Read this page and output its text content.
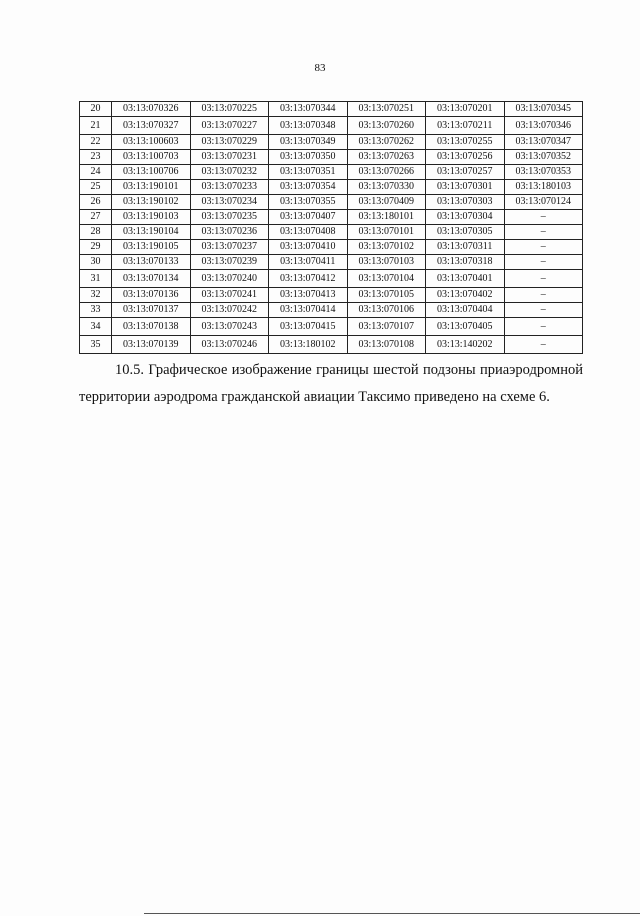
83
20	03:13:070326	03:13:070225	03:13:070344	03:13:070251	03:13:070201	03:13:070345
21	03:13:070327	03:13:070227	03:13:070348	03:13:070260	03:13:070211	03:13:070346
22	03:13:100603	03:13:070229	03:13:070349	03:13:070262	03:13:070255	03:13:070347
23	03:13:100703	03:13:070231	03:13:070350	03:13:070263	03:13:070256	03:13:070352
24	03:13:100706	03:13:070232	03:13:070351	03:13:070266	03:13:070257	03:13:070353
25	03:13:190101	03:13:070233	03:13:070354	03:13:070330	03:13:070301	03:13:180103
26	03:13:190102	03:13:070234	03:13:070355	03:13:070409	03:13:070303	03:13:070124
27	03:13:190103	03:13:070235	03:13:070407	03:13:180101	03:13:070304	–
28	03:13:190104	03:13:070236	03:13:070408	03:13:070101	03:13:070305	–
29	03:13:190105	03:13:070237	03:13:070410	03:13:070102	03:13:070311	–
30	03:13:070133	03:13:070239	03:13:070411	03:13:070103	03:13:070318	–
31	03:13:070134	03:13:070240	03:13:070412	03:13:070104	03:13:070401	–
32	03:13:070136	03:13:070241	03:13:070413	03:13:070105	03:13:070402	–
33	03:13:070137	03:13:070242	03:13:070414	03:13:070106	03:13:070404	–
34	03:13:070138	03:13:070243	03:13:070415	03:13:070107	03:13:070405	–
35	03:13:070139	03:13:070246	03:13:180102	03:13:070108	03:13:140202	–
10.5. Графическое изображение границы шестой подзоны приаэродромной
территории аэродрома гражданской авиации Таксимо приведено на схеме 6.
